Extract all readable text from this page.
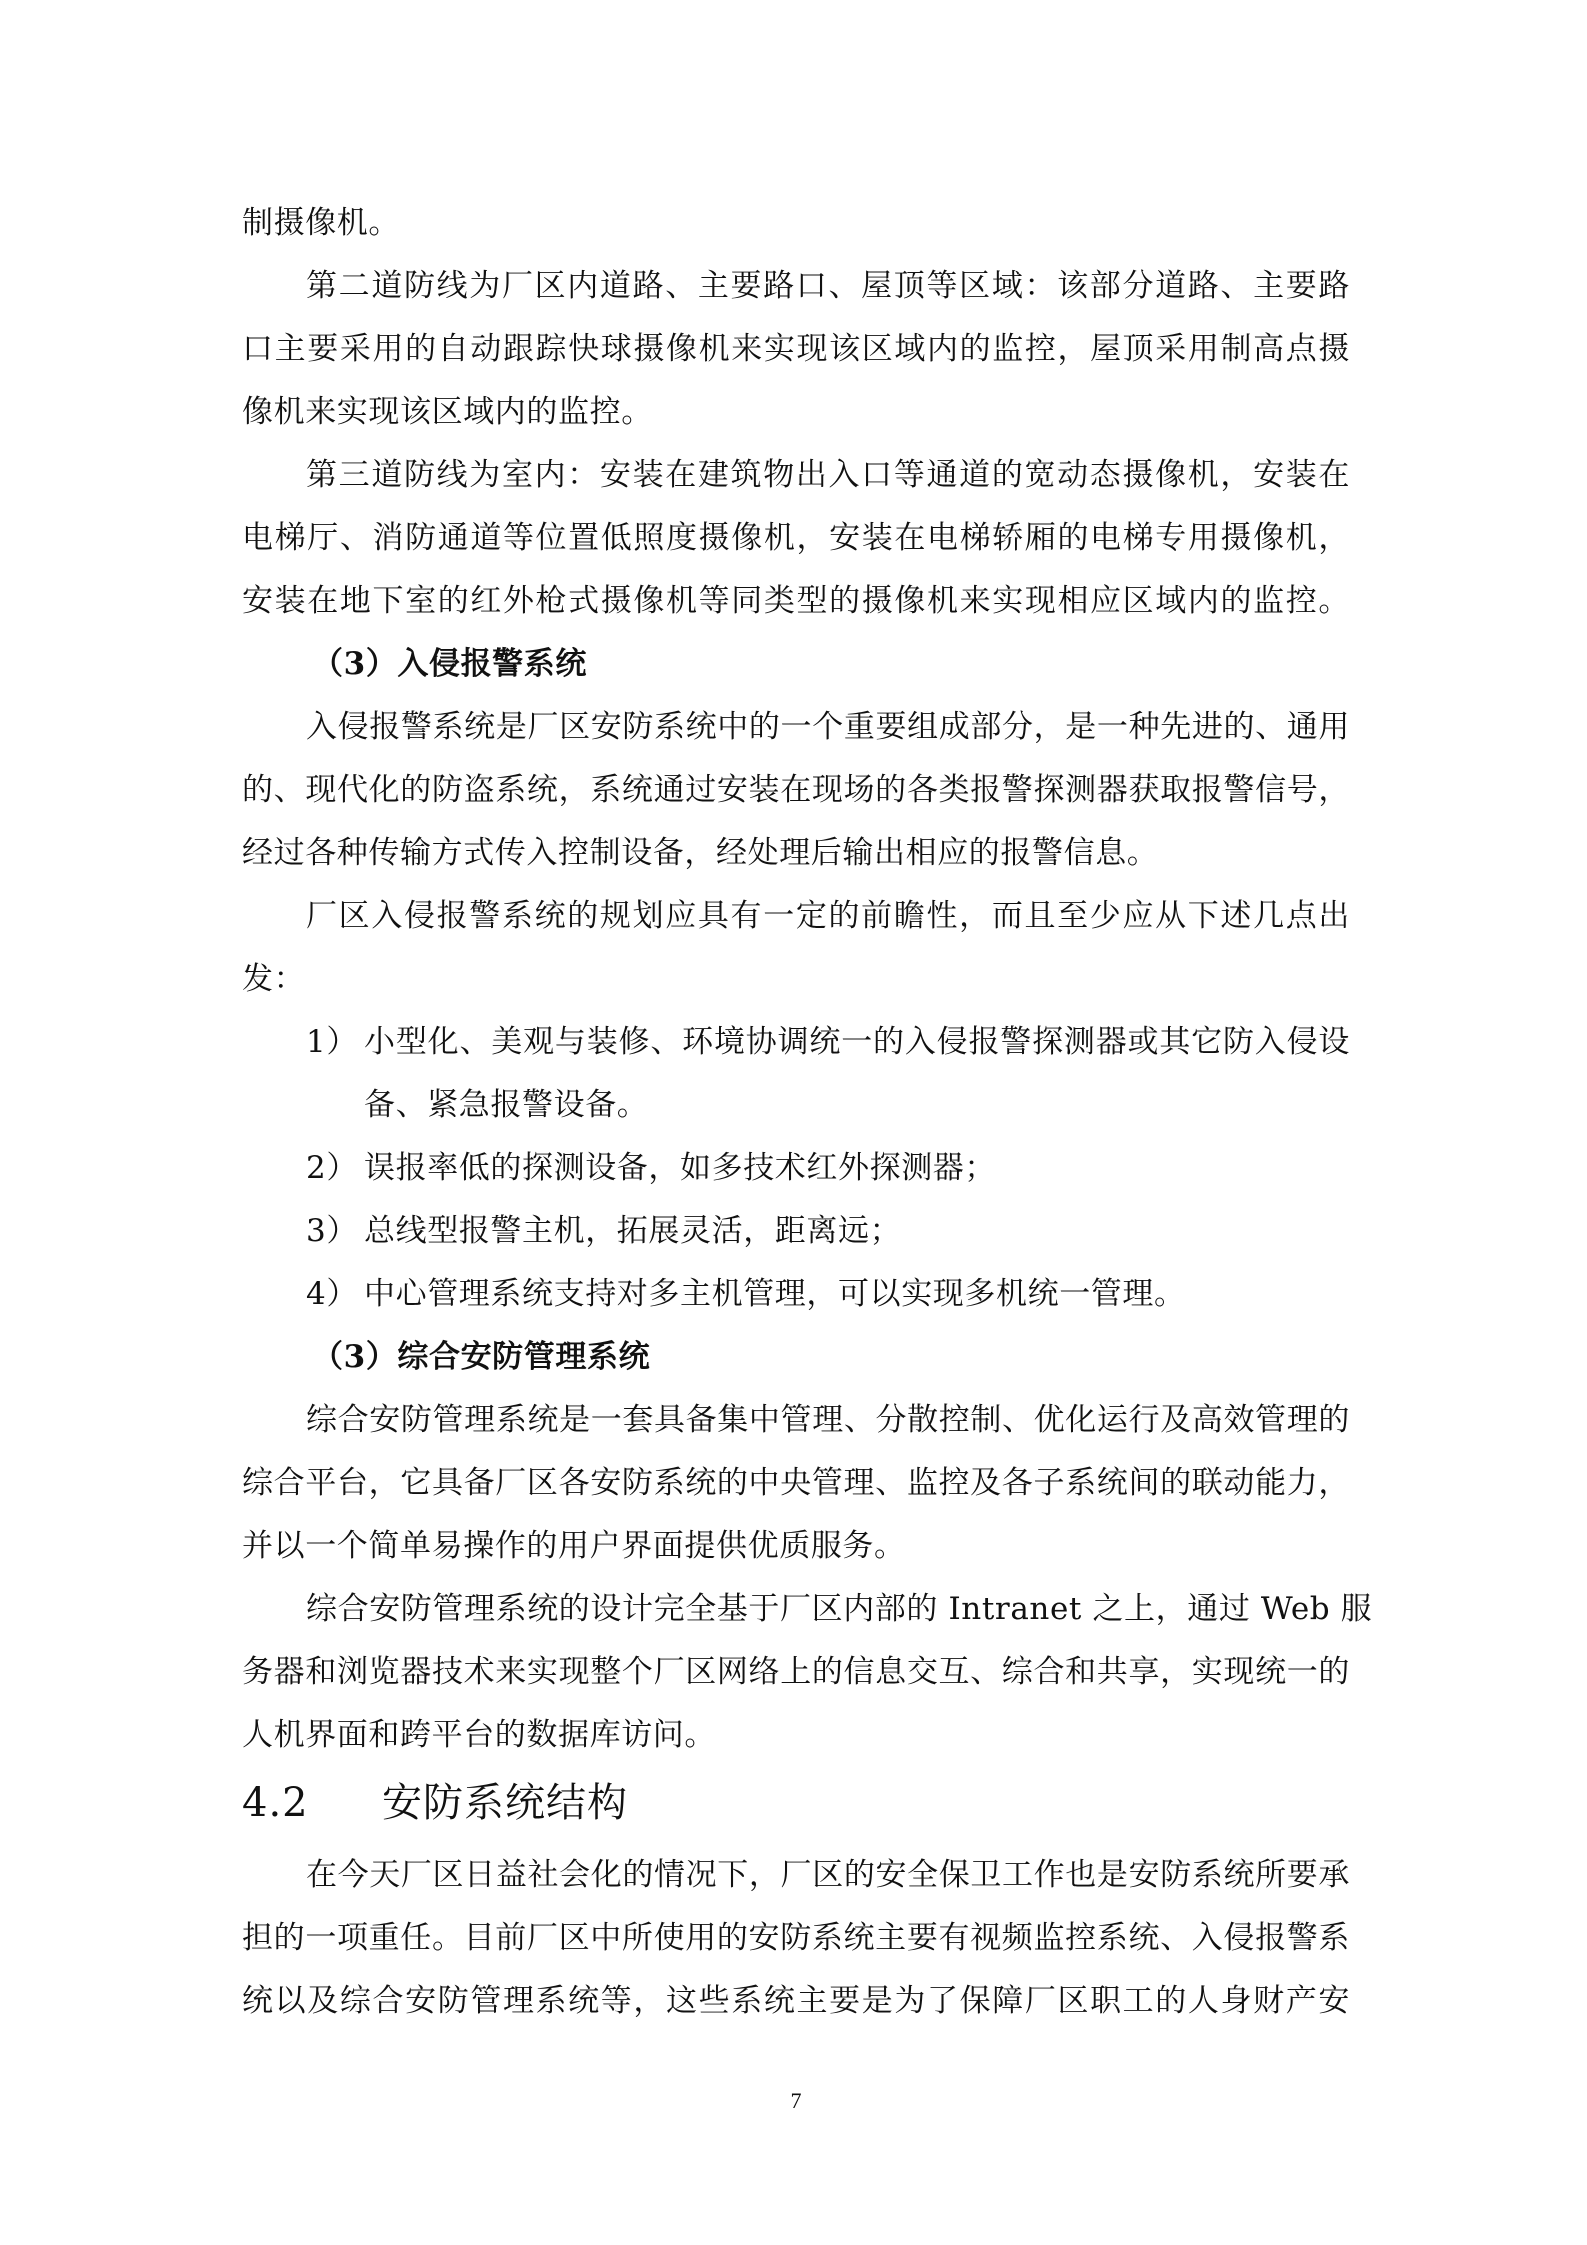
制摄像机。
第二道防线为厂区内道路、主要路口、屋顶等区域：该部分道路、主要路
口主要采用的自动跟踪快球摄像机来实现该区域内的监控，屋顶采用制高点摄
像机来实现该区域内的监控。
第三道防线为室内：安装在建筑物出入口等通道的宽动态摄像机，安装在
电梯厅、消防通道等位置低照度摄像机，安装在电梯轿厢的电梯专用摄像机，
安装在地下室的红外枪式摄像机等同类型的摄像机来实现相应区域内的监控。
（3）入侵报警系统
入侵报警系统是厂区安防系统中的一个重要组成部分，是一种先进的、通用
的、现代化的防盗系统，系统通过安装在现场的各类报警探测器获取报警信号，
经过各种传输方式传入控制设备，经处理后输出相应的报警信息。
厂区入侵报警系统的规划应具有一定的前瞻性，而且至少应从下述几点出
发：
1） 小型化、美观与装修、环境协调统一的入侵报警探测器或其它防入侵设
备、紧急报警设备。
2） 误报率低的探测设备，如多技术红外探测器；
3） 总线型报警主机，拓展灵活，距离远；
4） 中心管理系统支持对多主机管理，可以实现多机统一管理。
（3）综合安防管理系统
综合安防管理系统是一套具备集中管理、分散控制、优化运行及高效管理的
综合平台，它具备厂区各安防系统的中央管理、监控及各子系统间的联动能力，
并以一个简单易操作的用户界面提供优质服务。
综合安防管理系统的设计完全基于厂区内部的 Intranet 之上，通过 Web 服
务器和浏览器技术来实现整个厂区网络上的信息交互、综合和共享，实现统一的
人机界面和跨平台的数据库访问。
4.2 安防系统结构
在今天厂区日益社会化的情况下，厂区的安全保卫工作也是安防系统所要承
担的一项重任。目前厂区中所使用的安防系统主要有视频监控系统、入侵报警系
统以及综合安防管理系统等，这些系统主要是为了保障厂区职工的人身财产安
7
